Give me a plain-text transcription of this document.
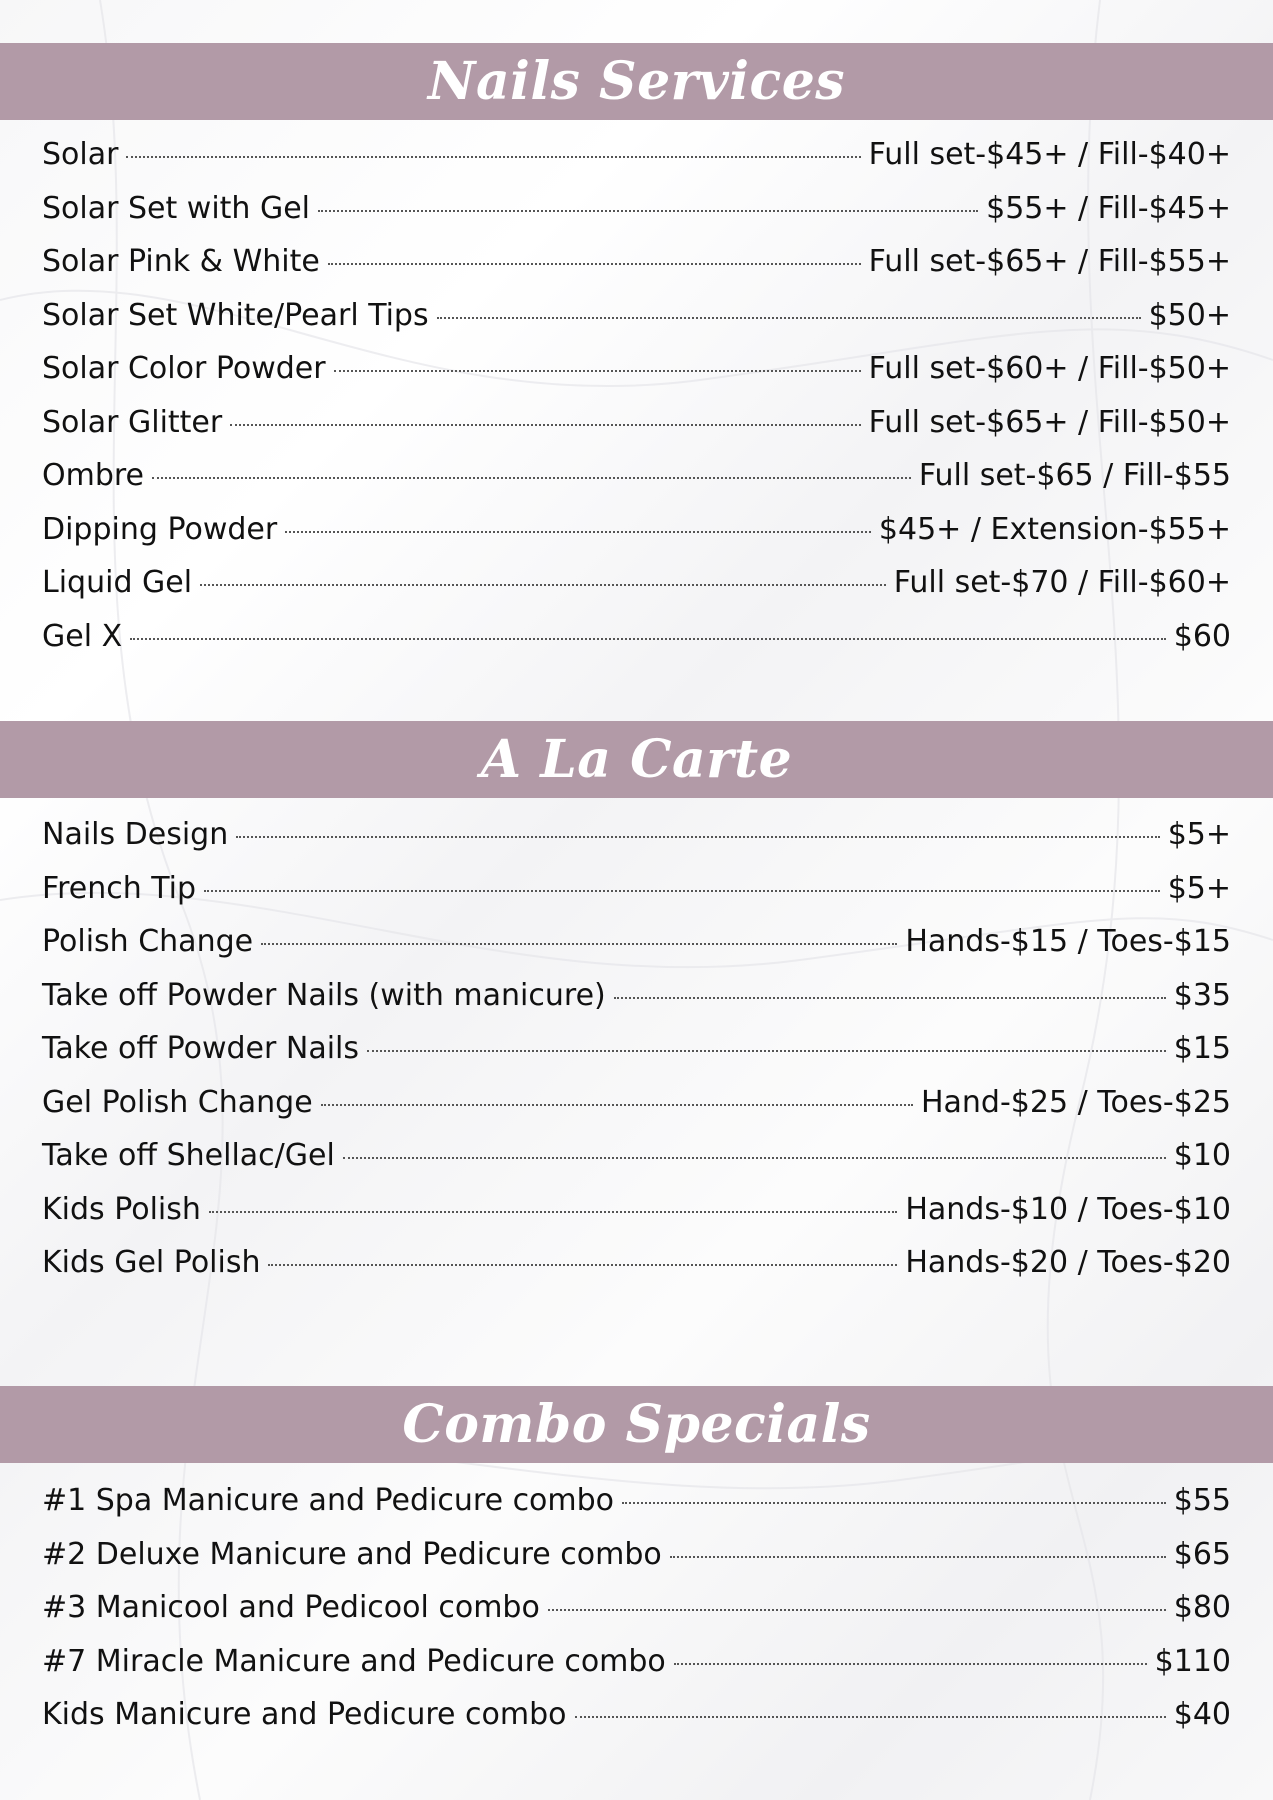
Nails Services
Solar	Full set-$45+ / Fill-$40+
Solar Set with Gel	$55+ / Fill-$45+
Solar Pink & White	Full set-$65+ / Fill-$55+
Solar Set White/Pearl Tips	$50+
Solar Color Powder	Full set-$60+ / Fill-$50+
Solar Glitter	Full set-$65+ / Fill-$50+
Ombre	Full set-$65 / Fill-$55
Dipping Powder	$45+ / Extension-$55+
Liquid Gel	Full set-$70 / Fill-$60+
Gel X	$60
A La Carte
Nails Design	$5+
French Tip	$5+
Polish Change	Hands-$15 / Toes-$15
Take off Powder Nails (with manicure)	$35
Take off Powder Nails	$15
Gel Polish Change	Hand-$25 / Toes-$25
Take off Shellac/Gel	$10
Kids Polish	Hands-$10 / Toes-$10
Kids Gel Polish	Hands-$20 / Toes-$20
Combo Specials
#1 Spa Manicure and Pedicure combo	$55
#2 Deluxe Manicure and Pedicure combo	$65
#3 Manicool and Pedicool combo	$80
#7 Miracle Manicure and Pedicure combo	$110
Kids Manicure and Pedicure combo	$40
